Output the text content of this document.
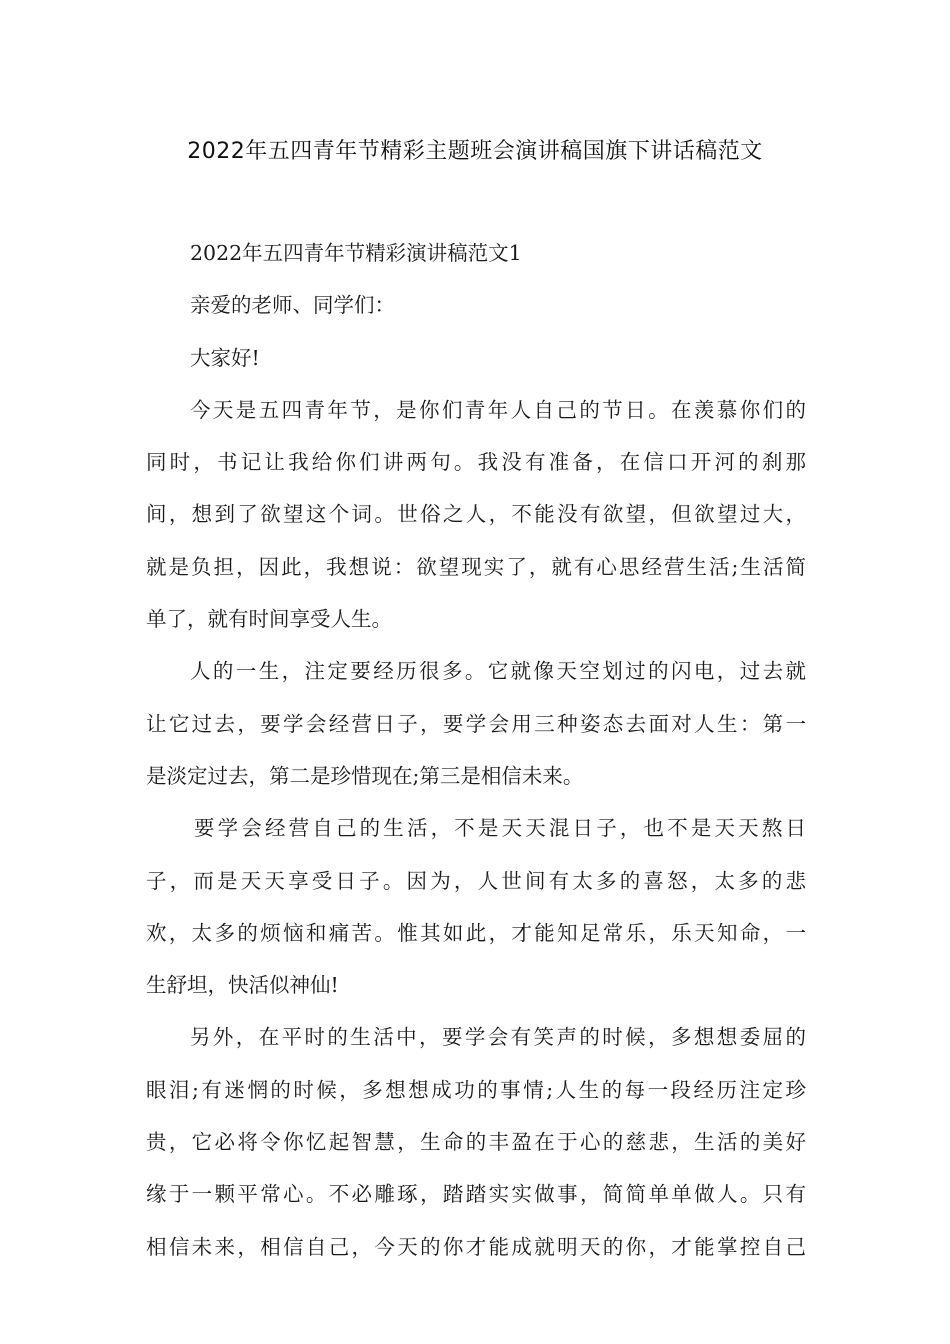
2022年五四青年节精彩主题班会演讲稿国旗下讲话稿范文
2022年五四青年节精彩演讲稿范文1
亲爱的老师、同学们：
大家好!
今天是五四青年节，是你们青年人自己的节日。在羡慕你们的
同时，书记让我给你们讲两句。我没有准备，在信口开河的刹那
间，想到了欲望这个词。世俗之人，不能没有欲望，但欲望过大，
就是负担，因此，我想说：欲望现实了，就有心思经营生活;生活简
单了，就有时间享受人生。
人的一生，注定要经历很多。它就像天空划过的闪电，过去就
让它过去，要学会经营日子，要学会用三种姿态去面对人生：第一
是淡定过去，第二是珍惜现在;第三是相信未来。
要学会经营自己的生活，不是天天混日子，也不是天天熬日
子，而是天天享受日子。因为，人世间有太多的喜怒，太多的悲
欢，太多的烦恼和痛苦。惟其如此，才能知足常乐，乐天知命，一
生舒坦，快活似神仙!
另外，在平时的生活中，要学会有笑声的时候，多想想委屈的
眼泪;有迷惘的时候，多想想成功的事情;人生的每一段经历注定珍
贵，它必将令你忆起智慧，生命的丰盈在于心的慈悲，生活的美好
缘于一颗平常心。不必雕琢，踏踏实实做事，简简单单做人。只有
相信未来，相信自己，今天的你才能成就明天的你，才能掌控自己
